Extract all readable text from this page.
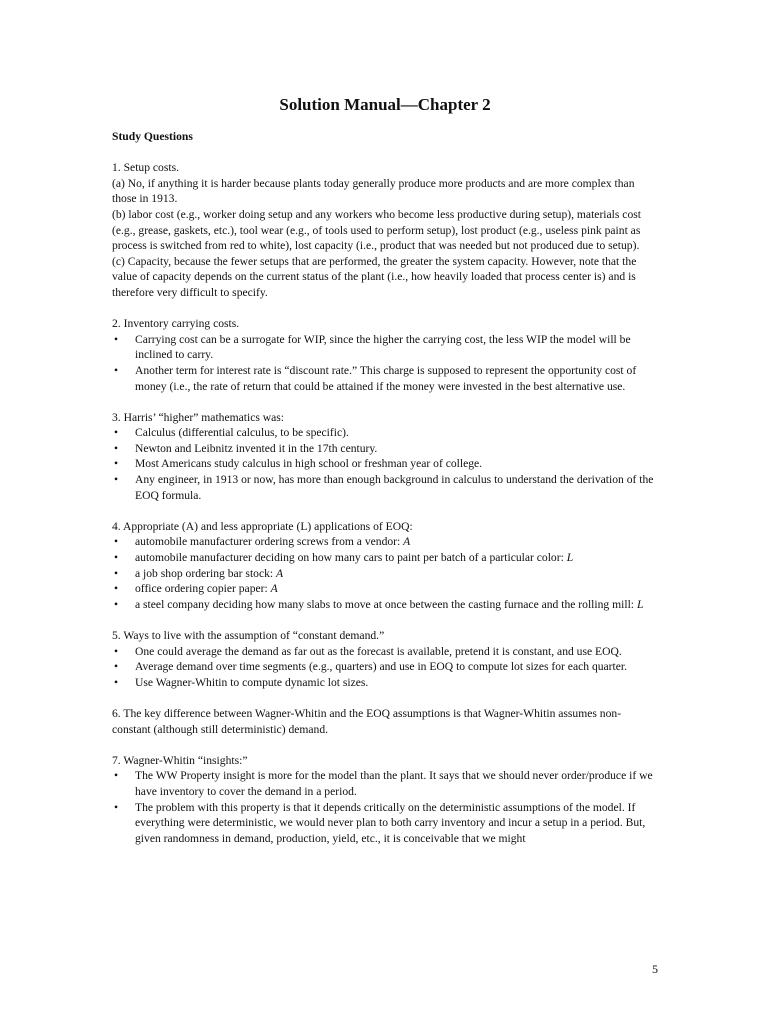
Solution Manual—Chapter 2

Study Questions

1. Setup costs.

(a) No, if anything it is harder because plants today generally produce more products and are more complex than those in 1913.

(b) labor cost (e.g., worker doing setup and any workers who become less productive during setup), materials cost (e.g., grease, gaskets, etc.), tool wear (e.g., of tools used to perform setup), lost product (e.g., useless pink paint as process is switched from red to white), lost capacity (i.e., product that was needed but not produced due to setup).

(c) Capacity, because the fewer setups that are performed, the greater the system capacity. However, note that the value of capacity depends on the current status of the plant (i.e., how heavily loaded that process center is) and is therefore very difficult to specify.

2. Inventory carrying costs.

• Carrying cost can be a surrogate for WIP, since the higher the carrying cost, the less WIP the model will be inclined to carry.
• Another term for interest rate is “discount rate.” This charge is supposed to represent the opportunity cost of money (i.e., the rate of return that could be attained if the money were invested in the best alternative use.

3. Harris’ “higher” mathematics was:

• Calculus (differential calculus, to be specific).
• Newton and Leibnitz invented it in the 17th century.
• Most Americans study calculus in high school or freshman year of college.
• Any engineer, in 1913 or now, has more than enough background in calculus to understand the derivation of the EOQ formula.

4. Appropriate (A) and less appropriate (L) applications of EOQ:

• automobile manufacturer ordering screws from a vendor: A
• automobile manufacturer deciding on how many cars to paint per batch of a particular color: L
• a job shop ordering bar stock: A
• office ordering copier paper: A
• a steel company deciding how many slabs to move at once between the casting furnace and the rolling mill: L

5. Ways to live with the assumption of “constant demand.”

• One could average the demand as far out as the forecast is available, pretend it is constant, and use EOQ.
• Average demand over time segments (e.g., quarters) and use in EOQ to compute lot sizes for each quarter.
• Use Wagner-Whitin to compute dynamic lot sizes.

6. The key difference between Wagner-Whitin and the EOQ assumptions is that Wagner-Whitin assumes non-constant (although still deterministic) demand.

7. Wagner-Whitin “insights:”

• The WW Property insight is more for the model than the plant. It says that we should never order/produce if we have inventory to cover the demand in a period.
• The problem with this property is that it depends critically on the deterministic assumptions of the model. If everything were deterministic, we would never plan to both carry inventory and incur a setup in a period. But, given randomness in demand, production, yield, etc., it is conceivable that we might
5
